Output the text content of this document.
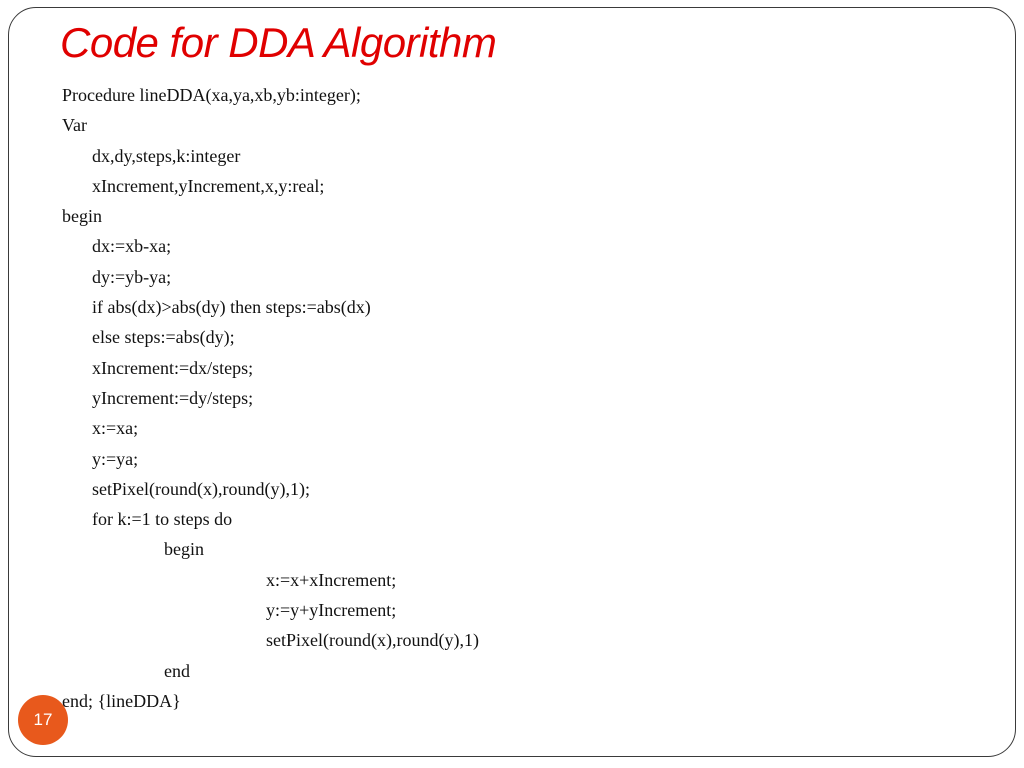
Code for DDA Algorithm
Procedure lineDDA(xa,ya,xb,yb:integer);
Var
dx,dy,steps,k:integer
xIncrement,yIncrement,x,y:real;
begin
dx:=xb-xa;
dy:=yb-ya;
if abs(dx)>abs(dy) then steps:=abs(dx)
else steps:=abs(dy);
xIncrement:=dx/steps;
yIncrement:=dy/steps;
x:=xa;
y:=ya;
setPixel(round(x),round(y),1);
for k:=1 to steps do
begin
x:=x+xIncrement;
y:=y+yIncrement;
setPixel(round(x),round(y),1)
end
end; {lineDDA}
17
